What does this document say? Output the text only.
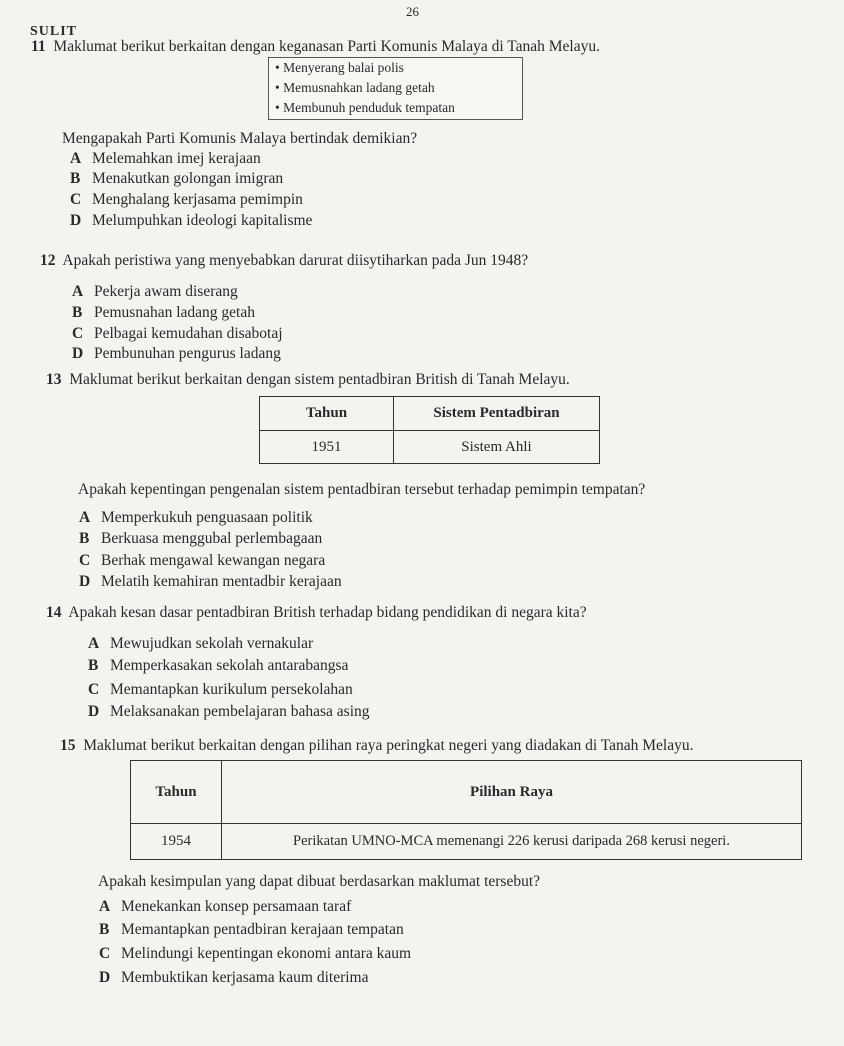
26
SULIT
11 Maklumat berikut berkaitan dengan keganasan Parti Komunis Malaya di Tanah Melayu.
• Menyerang balai polis
• Memusnahkan ladang getah
• Membunuh penduduk tempatan
Mengapakah Parti Komunis Malaya bertindak demikian?
A Melemahkan imej kerajaan
B Menakutkan golongan imigran
C Menghalang kerjasama pemimpin
D Melumpuhkan ideologi kapitalisme
12 Apakah peristiwa yang menyebabkan darurat diisytiharkan pada Jun 1948?
A Pekerja awam diserang
B Pemusnahan ladang getah
C Pelbagai kemudahan disabotaj
D Pembunuhan pengurus ladang
13 Maklumat berikut berkaitan dengan sistem pentadbiran British di Tanah Melayu.
Tahun	Sistem Pentadbiran
1951	Sistem Ahli
Apakah kepentingan pengenalan sistem pentadbiran tersebut terhadap pemimpin tempatan?
A Memperkukuh penguasaan politik
B Berkuasa menggubal perlembagaan
C Berhak mengawal kewangan negara
D Melatih kemahiran mentadbir kerajaan
14 Apakah kesan dasar pentadbiran British terhadap bidang pendidikan di negara kita?
A Mewujudkan sekolah vernakular
B Memperkasakan sekolah antarabangsa
C Memantapkan kurikulum persekolahan
D Melaksanakan pembelajaran bahasa asing
15 Maklumat berikut berkaitan dengan pilihan raya peringkat negeri yang diadakan di Tanah Melayu.
Tahun	Pilihan Raya
1954	Perikatan UMNO-MCA memenangi 226 kerusi daripada 268 kerusi negeri.
Apakah kesimpulan yang dapat dibuat berdasarkan maklumat tersebut?
A Menekankan konsep persamaan taraf
B Memantapkan pentadbiran kerajaan tempatan
C Melindungi kepentingan ekonomi antara kaum
D Membuktikan kerjasama kaum diterima
